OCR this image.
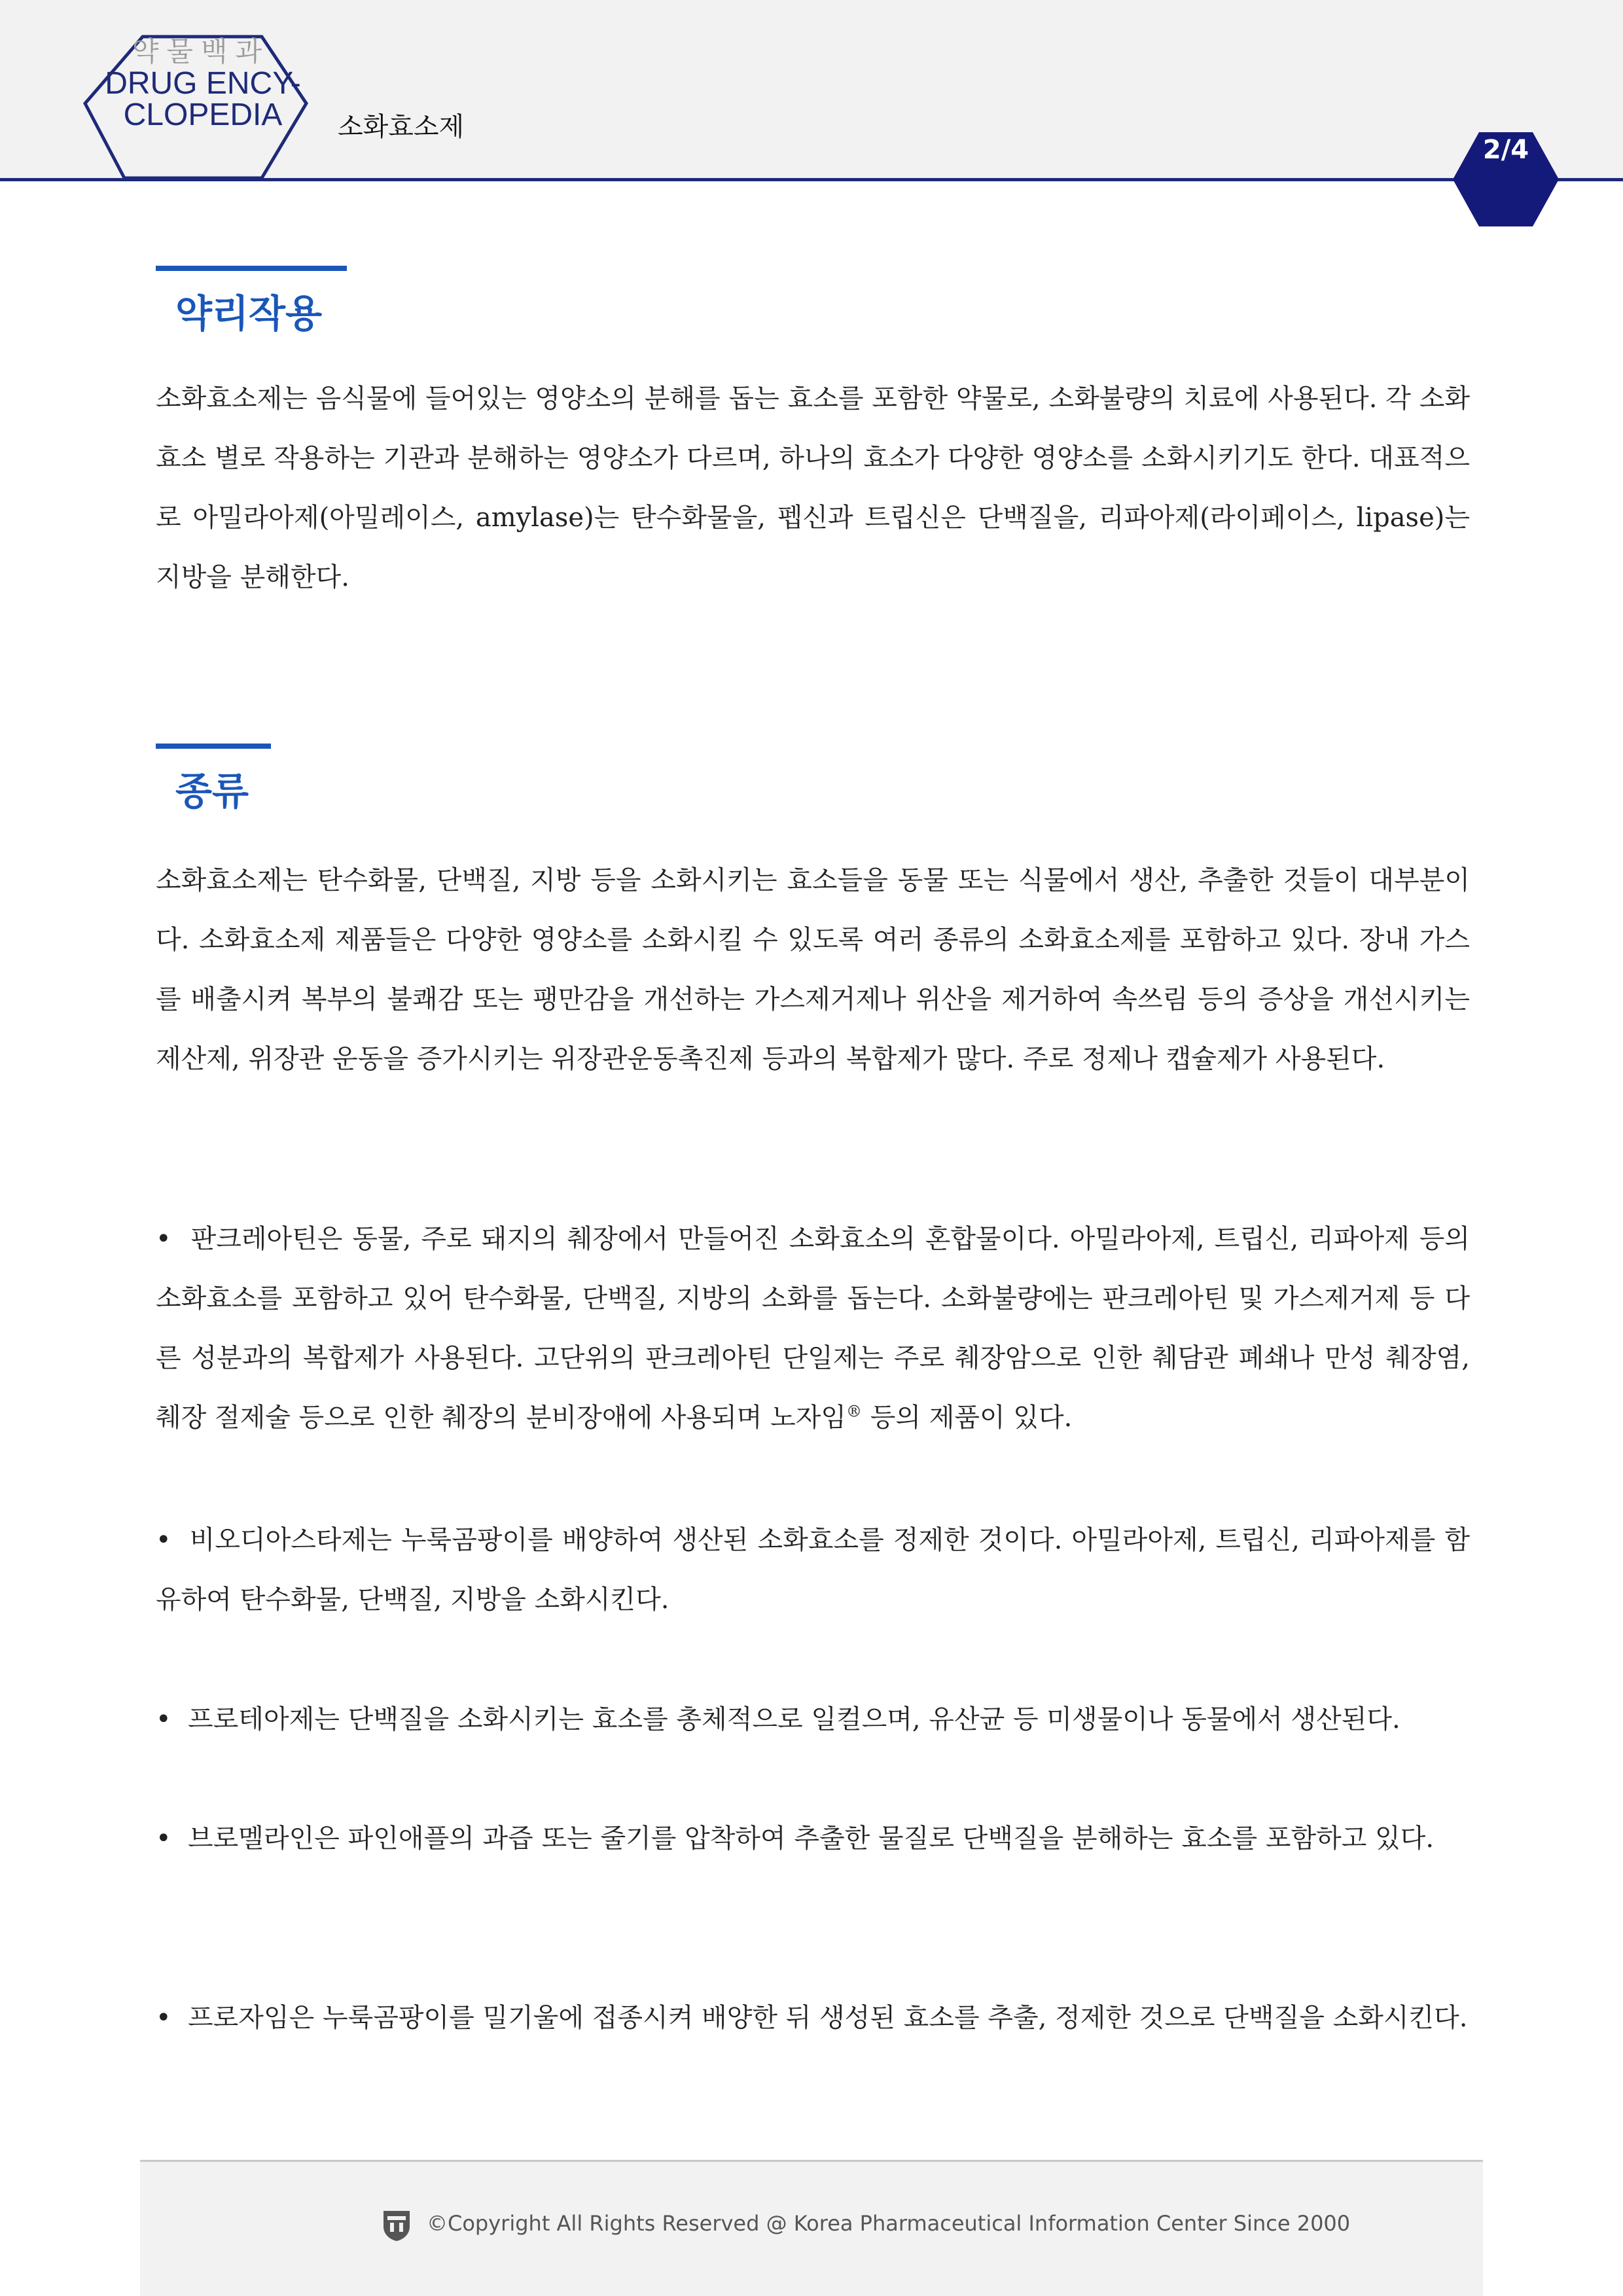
약물백과
DRUG ENCY-
CLOPEDIA	소화효소제
2/4
약리작용
소화효소제는 음식물에 들어있는 영양소의 분해를 돕는 효소를 포함한 약물로, 소화불량의 치료에 사용된다. 각 소화효소 별로 작용하는 기관과 분해하는 영양소가 다르며, 하나의 효소가 다양한 영양소를 소화시키기도 한다. 대표적으로 아밀라아제(아밀레이스, amylase)는 탄수화물을, 펩신과 트립신은 단백질을, 리파아제(라이페이스, lipase)는 지방을 분해한다.
종류
소화효소제는 탄수화물, 단백질, 지방 등을 소화시키는 효소들을 동물 또는 식물에서 생산, 추출한 것들이 대부분이다. 소화효소제 제품들은 다양한 영양소를 소화시킬 수 있도록 여러 종류의 소화효소제를 포함하고 있다. 장내 가스를 배출시켜 복부의 불쾌감 또는 팽만감을 개선하는 가스제거제나 위산을 제거하여 속쓰림 등의 증상을 개선시키는 제산제, 위장관 운동을 증가시키는 위장관운동촉진제 등과의 복합제가 많다. 주로 정제나 캡슐제가 사용된다.
• 판크레아틴은 동물, 주로 돼지의 췌장에서 만들어진 소화효소의 혼합물이다. 아밀라아제, 트립신, 리파아제 등의 소화효소를 포함하고 있어 탄수화물, 단백질, 지방의 소화를 돕는다. 소화불량에는 판크레아틴 및 가스제거제 등 다른 성분과의 복합제가 사용된다. 고단위의 판크레아틴 단일제는 주로 췌장암으로 인한 췌담관 폐쇄나 만성 췌장염, 췌장 절제술 등으로 인한 췌장의 분비장애에 사용되며 노자임® 등의 제품이 있다.
• 비오디아스타제는 누룩곰팡이를 배양하여 생산된 소화효소를 정제한 것이다. 아밀라아제, 트립신, 리파아제를 함유하여 탄수화물, 단백질, 지방을 소화시킨다.
• 프로테아제는 단백질을 소화시키는 효소를 총체적으로 일컬으며, 유산균 등 미생물이나 동물에서 생산된다.
• 브로멜라인은 파인애플의 과즙 또는 줄기를 압착하여 추출한 물질로 단백질을 분해하는 효소를 포함하고 있다.
• 프로자임은 누룩곰팡이를 밀기울에 접종시켜 배양한 뒤 생성된 효소를 추출, 정제한 것으로 단백질을 소화시킨다.
©Copyright All Rights Reserved @ Korea Pharmaceutical Information Center Since 2000
